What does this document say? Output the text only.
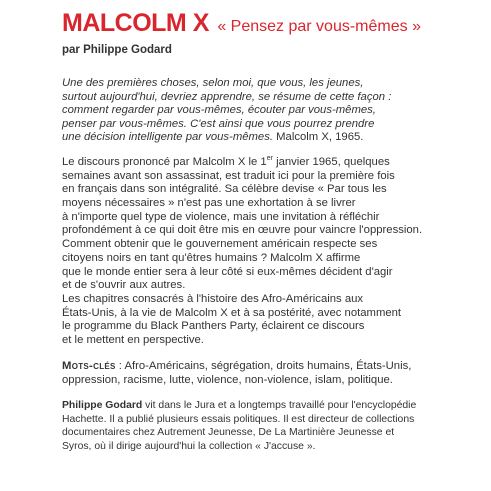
MALCOLM X « Pensez par vous-mêmes »
par Philippe Godard
Une des premières choses, selon moi, que vous, les jeunes,
surtout aujourd'hui, devriez apprendre, se résume de cette façon :
comment regarder par vous-mêmes, écouter par vous-mêmes,
penser par vous-mêmes. C'est ainsi que vous pourrez prendre
une décision intelligente par vous-mêmes. Malcolm X, 1965.
Le discours prononcé par Malcolm X le 1er janvier 1965, quelques
semaines avant son assassinat, est traduit ici pour la première fois
en français dans son intégralité. Sa célèbre devise « Par tous les
moyens nécessaires » n'est pas une exhortation à se livrer
à n'importe quel type de violence, mais une invitation à réfléchir
profondément à ce qui doit être mis en œuvre pour vaincre l'oppression.
Comment obtenir que le gouvernement américain respecte ses
citoyens noirs en tant qu'êtres humains ? Malcolm X affirme
que le monde entier sera à leur côté si eux-mêmes décident d'agir
et de s'ouvrir aux autres.
Les chapitres consacrés à l'histoire des Afro-Américains aux
États-Unis, à la vie de Malcolm X et à sa postérité, avec notamment
le programme du Black Panthers Party, éclairent ce discours
et le mettent en perspective.
Mots-clés : Afro-Américains, ségrégation, droits humains, États-Unis,
oppression, racisme, lutte, violence, non-violence, islam, politique.
Philippe Godard vit dans le Jura et a longtemps travaillé pour l'encyclopédie
Hachette. Il a publié plusieurs essais politiques. Il est directeur de collections
documentaires chez Autrement Jeunesse, De La Martinière Jeunesse et
Syros, où il dirige aujourd'hui la collection « J'accuse ».
